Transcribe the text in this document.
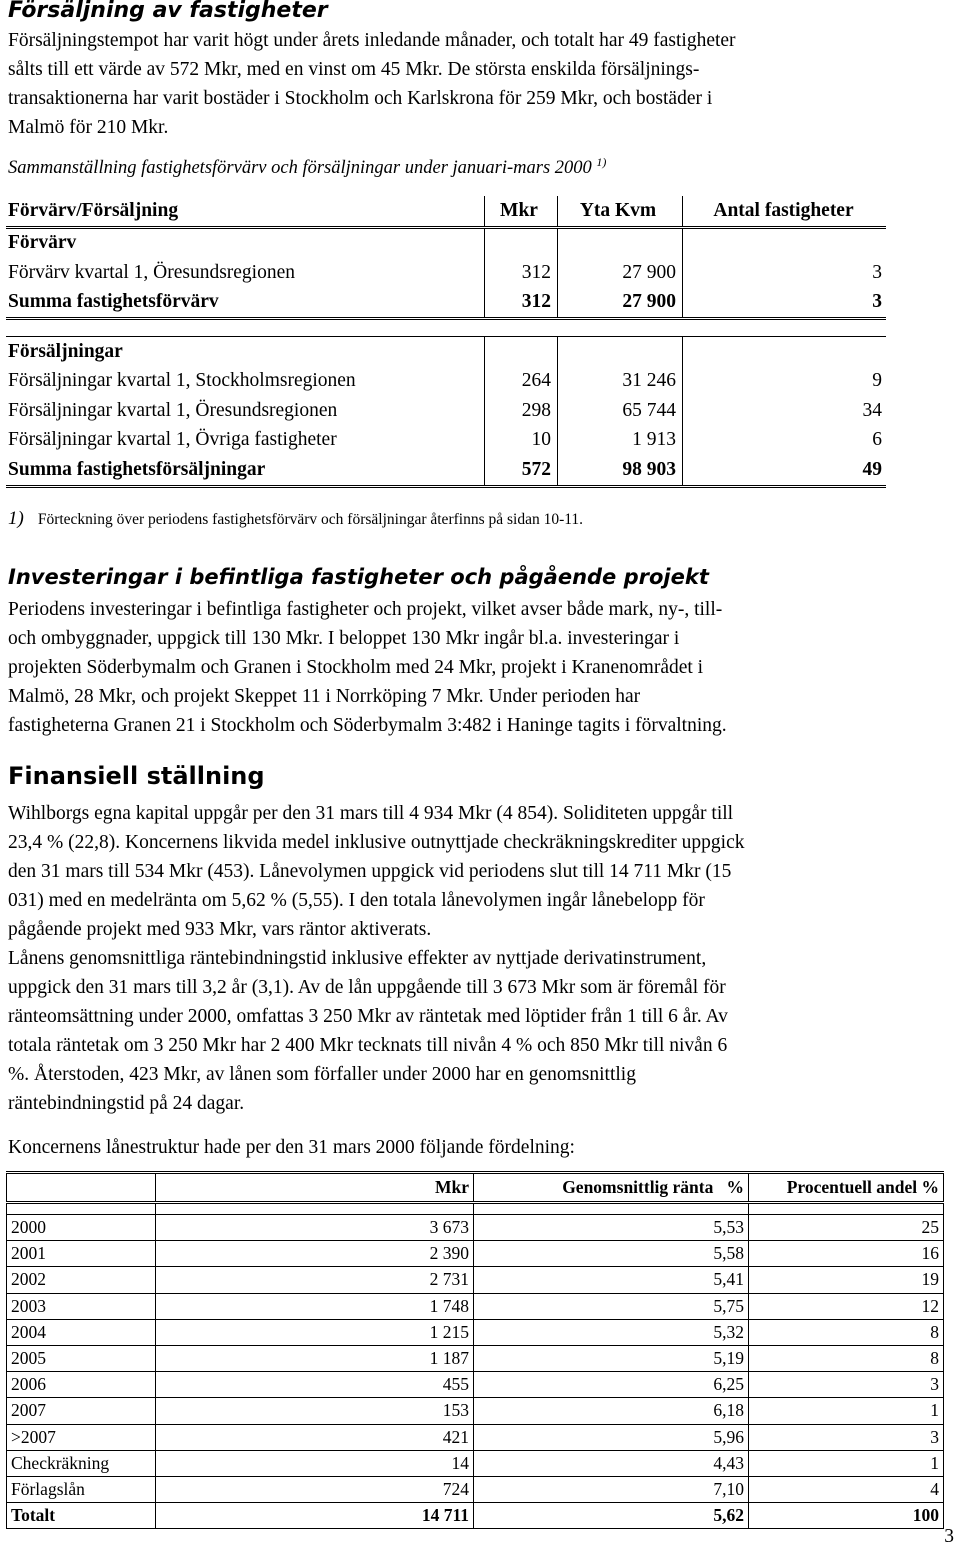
Försäljning av fastigheter
Försäljningstempot har varit högt under årets inledande månader, och totalt har 49 fastigheter
sålts till ett värde av 572 Mkr, med en vinst om 45 Mkr. De största enskilda försäljnings-
transaktionerna har varit bostäder i Stockholm och Karlskrona för 259 Mkr, och bostäder i
Malmö för 210 Mkr.
Sammanställning fastighetsförvärv och försäljningar under januari-mars 2000 $^{1)}$
Förvärv/Försäljning	Mkr	Yta Kvm	Antal fastigheter
Förvärv			
Förvärv kvartal 1, Öresundsregionen	312	27 900	3
Summa fastighetsförvärv	312	27 900	3

Försäljningar			
Försäljningar kvartal 1, Stockholmsregionen	264	31 246	9
Försäljningar kvartal 1, Öresundsregionen	298	65 744	34
Försäljningar kvartal 1, Övriga fastigheter	10	1 913	6
Summa fastighetsförsäljningar	572	98 903	49
1) Förteckning över periodens fastighetsförvärv och försäljningar återfinns på sidan 10-11.
Investeringar i befintliga fastigheter och pågående projekt
Periodens investeringar i befintliga fastigheter och projekt, vilket avser både mark, ny-, till-
och ombyggnader, uppgick till 130 Mkr. I beloppet 130 Mkr ingår bl.a. investeringar i
projekten Söderbymalm och Granen i Stockholm med 24 Mkr, projekt i Kranenområdet i
Malmö, 28 Mkr, och projekt Skeppet 11 i Norrköping 7 Mkr. Under perioden har
fastigheterna Granen 21 i Stockholm och Söderbymalm 3:482 i Haninge tagits i förvaltning.
Finansiell ställning
Wihlborgs egna kapital uppgår per den 31 mars till 4 934 Mkr (4 854). Soliditeten uppgår till
23,4 % (22,8). Koncernens likvida medel inklusive outnyttjade checkräkningskrediter uppgick
den 31 mars till 534 Mkr (453). Lånevolymen uppgick vid periodens slut till 14 711 Mkr (15
031) med en medelränta om 5,62 % (5,55). I den totala lånevolymen ingår lånebelopp för
pågående projekt med 933 Mkr, vars räntor aktiverats.
Lånens genomsnittliga räntebindningstid inklusive effekter av nyttjade derivatinstrument,
uppgick den 31 mars till 3,2 år (3,1). Av de lån uppgående till 3 673 Mkr som är föremål för
ränteomsättning under 2000, omfattas 3 250 Mkr av räntetak med löptider från 1 till 6 år. Av
totala räntetak om 3 250 Mkr har 2 400 Mkr tecknats till nivån 4 % och 850 Mkr till nivån 6
%. Återstoden, 423 Mkr, av lånen som förfaller under 2000 har en genomsnittlig
räntebindningstid på 24 dagar.
Koncernens lånestruktur hade per den 31 mars 2000 följande fördelning:
	Mkr	Genomsnittlig ränta   %	Procentuell andel %

2000	3 673	5,53	25
2001	2 390	5,58	16
2002	2 731	5,41	19
2003	1 748	5,75	12
2004	1 215	5,32	8
2005	1 187	5,19	8
2006	455	6,25	3
2007	153	6,18	1
>2007	421	5,96	3
Checkräkning	14	4,43	1
Förlagslån	724	7,10	4
Totalt	14 711	5,62	100
3
